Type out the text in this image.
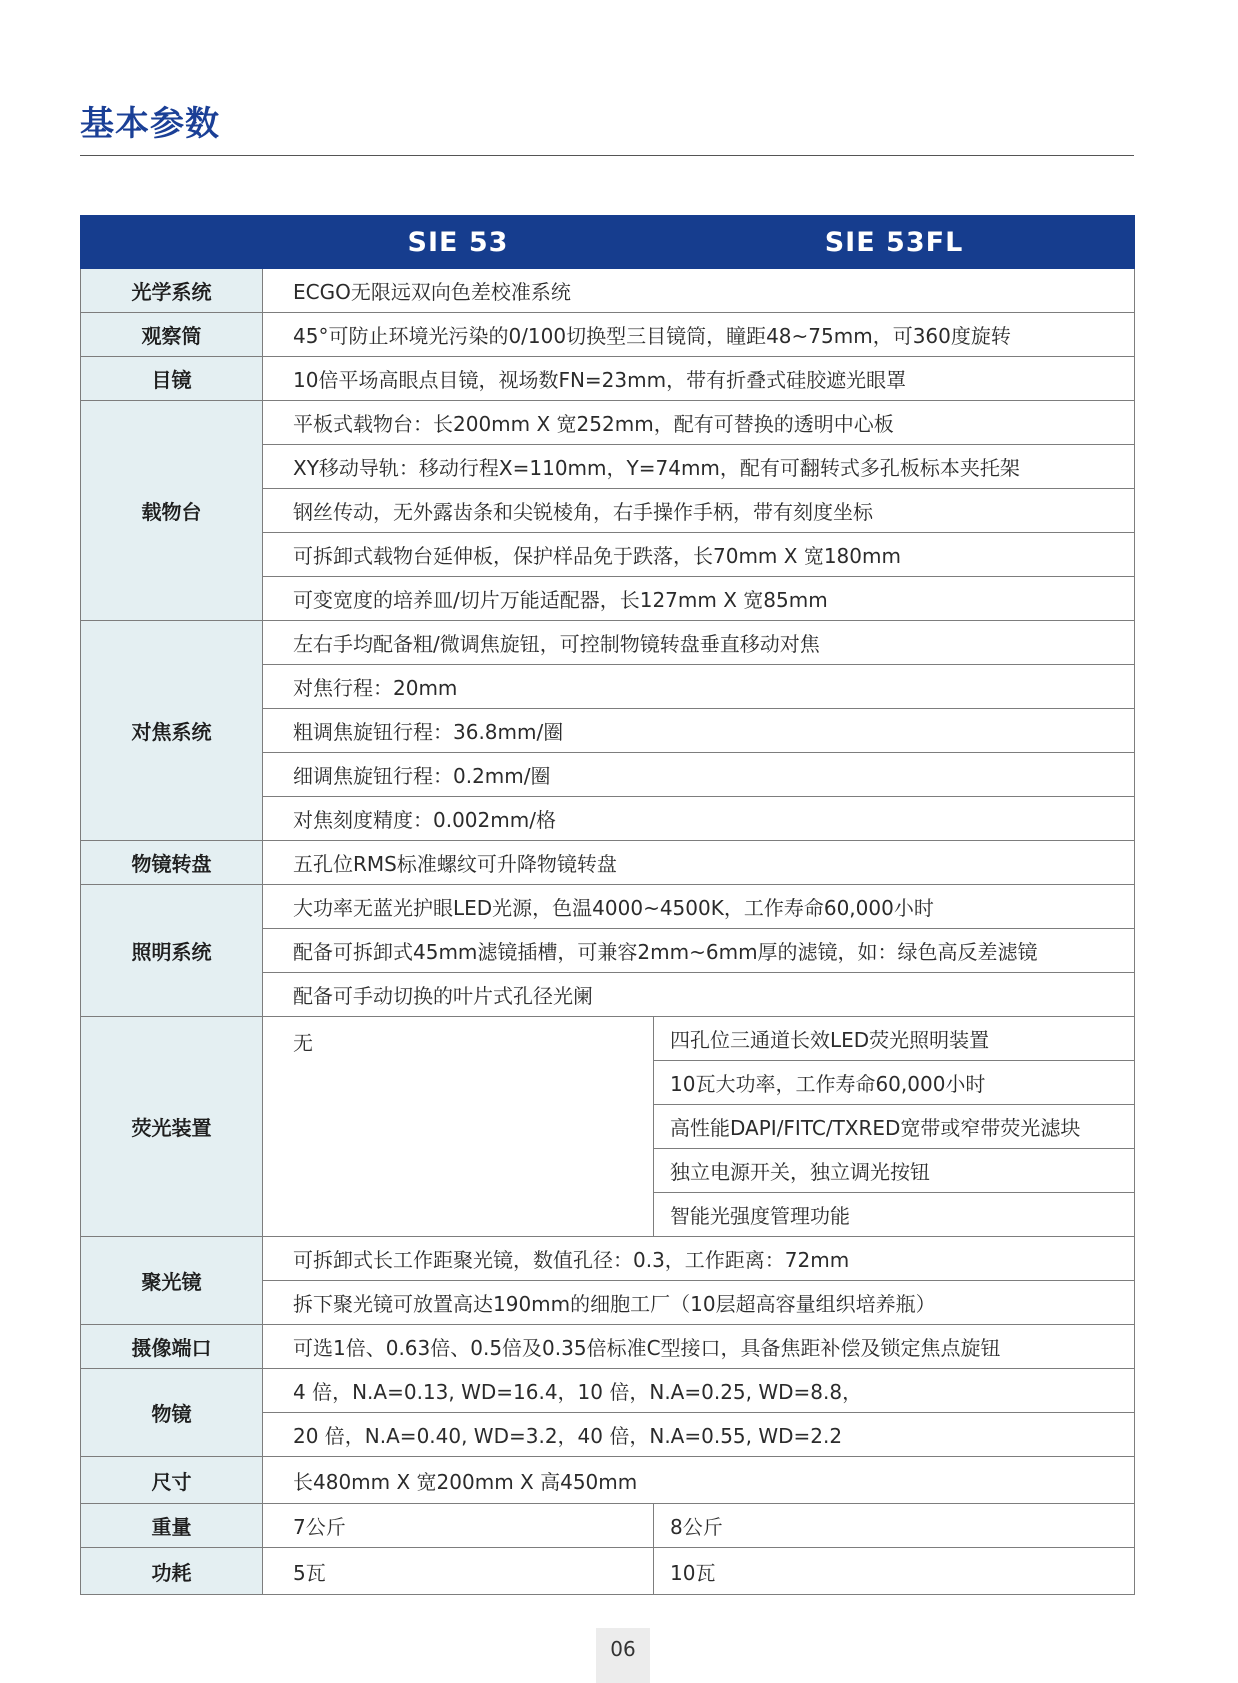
基本参数
	SIE 53	SIE 53FL
光学系统	ECGO无限远双向色差校准系统	
观察筒	45°可防止环境光污染的0/100切换型三目镜筒，瞳距48~75mm，可360度旋转	
目镜	10倍平场高眼点目镜，视场数FN=23mm，带有折叠式硅胶遮光眼罩	
载物台	平板式载物台：长200mm X 宽252mm，配有可替换的透明中心板	
	XY移动导轨：移动行程X=110mm，Y=74mm，配有可翻转式多孔板标本夹托架	
	钢丝传动，无外露齿条和尖锐棱角，右手操作手柄，带有刻度坐标	
	可拆卸式载物台延伸板，保护样品免于跌落，长70mm X 宽180mm	
	可变宽度的培养皿/切片万能适配器，长127mm X 宽85mm	
对焦系统	左右手均配备粗/微调焦旋钮，可控制物镜转盘垂直移动对焦	
	对焦行程：20mm	
	粗调焦旋钮行程：36.8mm/圈	
	细调焦旋钮行程：0.2mm/圈	
	对焦刻度精度：0.002mm/格	
物镜转盘	五孔位RMS标准螺纹可升降物镜转盘	
照明系统	大功率无蓝光护眼LED光源，色温4000~4500K，工作寿命60,000小时	
	配备可拆卸式45mm滤镜插槽，可兼容2mm~6mm厚的滤镜，如：绿色高反差滤镜	
	配备可手动切换的叶片式孔径光阑	
荧光装置	无	四孔位三通道长效LED荧光照明装置
		10瓦大功率，工作寿命60,000小时
		高性能DAPI/FITC/TXRED宽带或窄带荧光滤块
		独立电源开关，独立调光按钮
		智能光强度管理功能
聚光镜	可拆卸式长工作距聚光镜，数值孔径：0.3，工作距离：72mm	
	拆下聚光镜可放置高达190mm的细胞工厂（10层超高容量组织培养瓶）	
摄像端口	可选1倍、0.63倍、0.5倍及0.35倍标准C型接口，具备焦距补偿及锁定焦点旋钮	
物镜	4 倍，N.A=0.13, WD=16.4，10 倍，N.A=0.25, WD=8.8，	
	20 倍，N.A=0.40, WD=3.2，40 倍，N.A=0.55, WD=2.2	
尺寸	长480mm X 宽200mm X 高450mm	
重量	7公斤	8公斤
功耗	5瓦	10瓦
06
